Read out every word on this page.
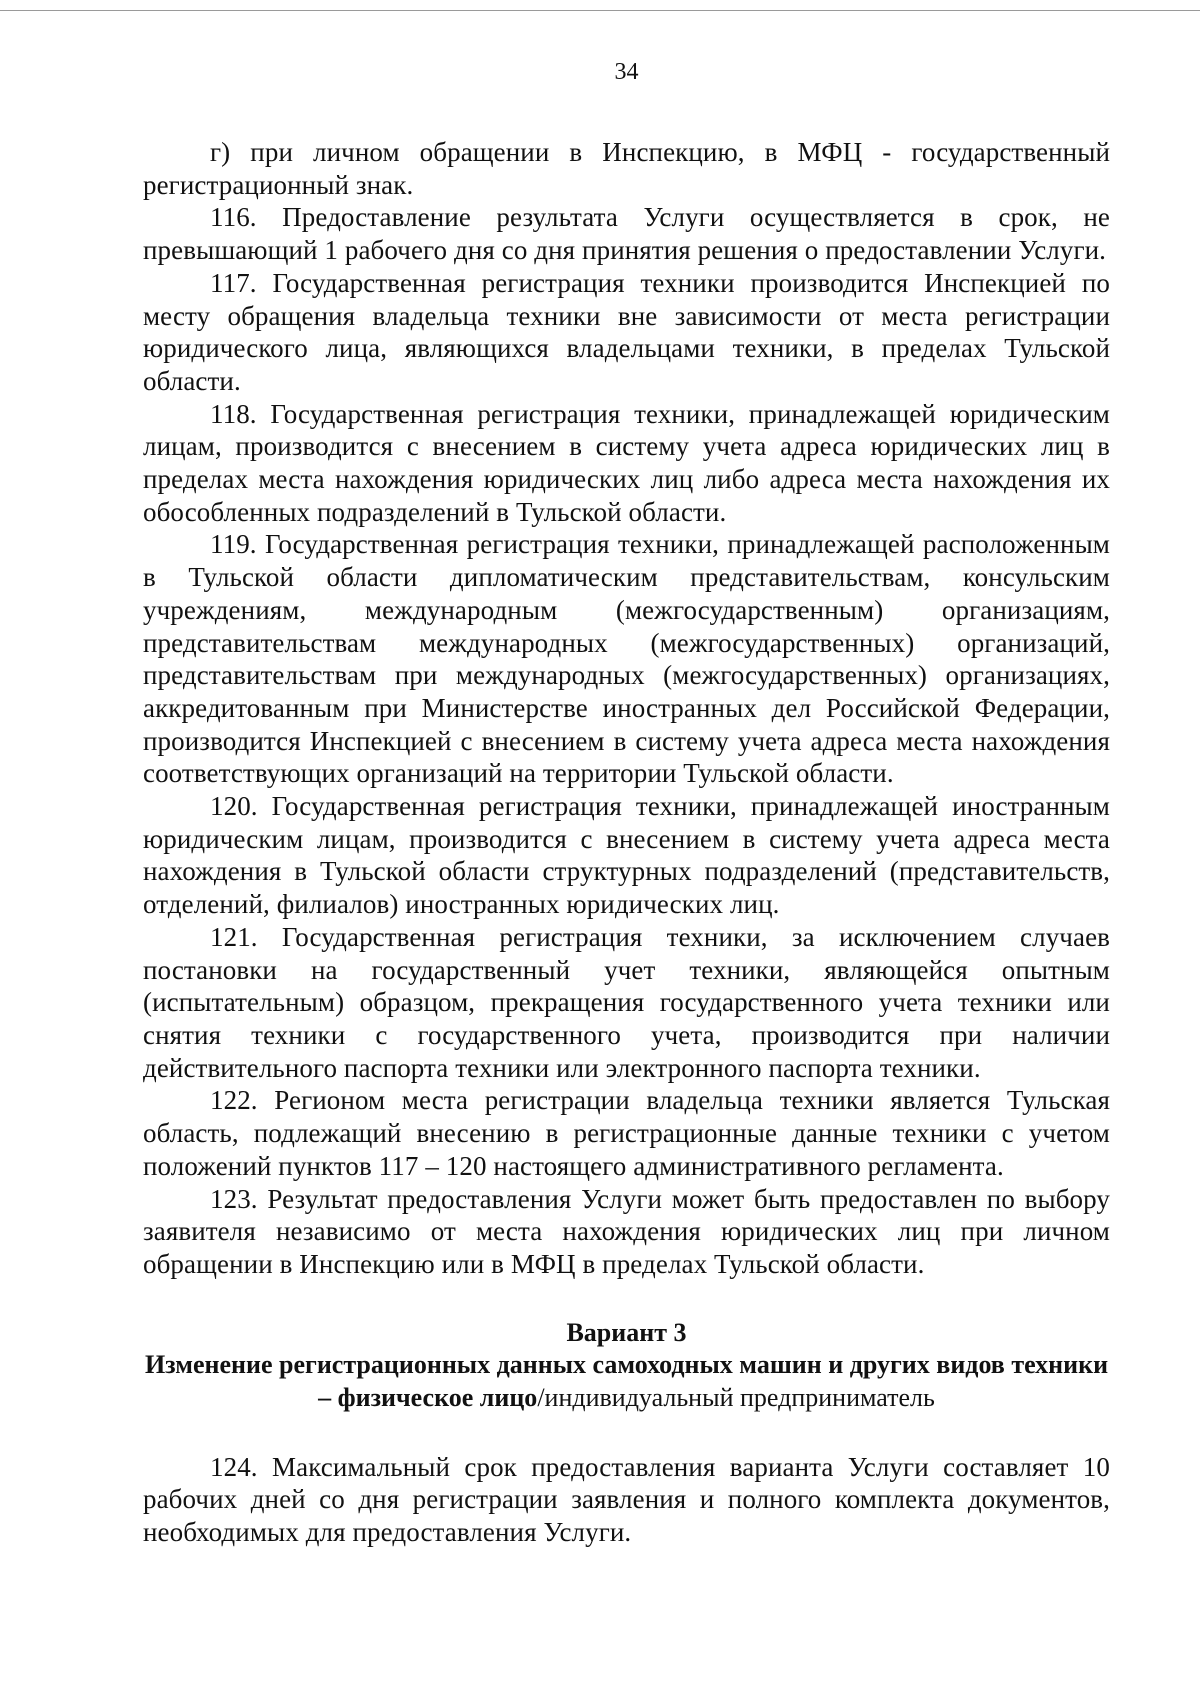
34

г) при личном обращении в Инспекцию, в МФЦ - государственный регистрационный знак.

116. Предоставление результата Услуги осуществляется в срок, не превышающий 1 рабочего дня со дня принятия решения о предоставлении Услуги.

117. Государственная регистрация техники производится Инспекцией по месту обращения владельца техники вне зависимости от места регистрации юридического лица, являющихся владельцами техники, в пределах Тульской области.

118. Государственная регистрация техники, принадлежащей юридическим лицам, производится с внесением в систему учета адреса юридических лиц в пределах места нахождения юридических лиц либо адреса места нахождения их обособленных подразделений в Тульской области.

119. Государственная регистрация техники, принадлежащей расположенным в Тульской области дипломатическим представительствам, консульским учреждениям, международным (межгосударственным) организациям, представительствам международных (межгосударственных) организаций, представительствам при международных (межгосударственных) организациях, аккредитованным при Министерстве иностранных дел Российской Федерации, производится Инспекцией с внесением в систему учета адреса места нахождения соответствующих организаций на территории Тульской области.

120. Государственная регистрация техники, принадлежащей иностранным юридическим лицам, производится с внесением в систему учета адреса места нахождения в Тульской области структурных подразделений (представительств, отделений, филиалов) иностранных юридических лиц.

121. Государственная регистрация техники, за исключением случаев постановки на государственный учет техники, являющейся опытным (испытательным) образцом, прекращения государственного учета техники или снятия техники с государственного учета, производится при наличии действительного паспорта техники или электронного паспорта техники.

122. Регионом места регистрации владельца техники является Тульская область, подлежащий внесению в регистрационные данные техники с учетом положений пунктов 117 – 120 настоящего административного регламента.

123. Результат предоставления Услуги может быть предоставлен по выбору заявителя независимо от места нахождения юридических лиц при личном обращении в Инспекцию или в МФЦ в пределах Тульской области.

Вариант 3
Изменение регистрационных данных самоходных машин и других видов техники – физическое лицо/индивидуальный предприниматель

124. Максимальный срок предоставления варианта Услуги составляет 10 рабочих дней со дня регистрации заявления и полного комплекта документов, необходимых для предоставления Услуги.
